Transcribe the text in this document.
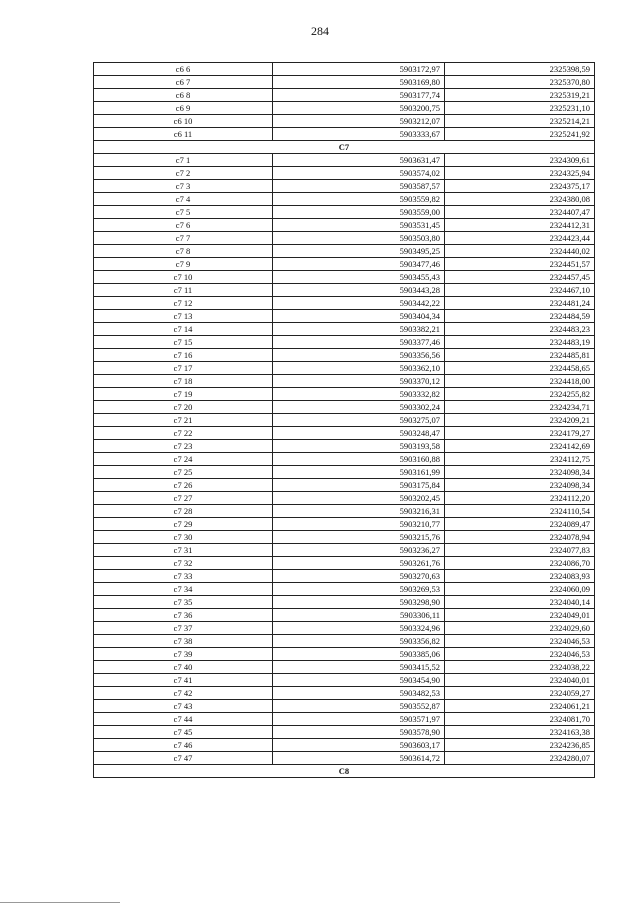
284
c6 6	5903172,97	2325398,59
c6 7	5903169,80	2325370,80
c6 8	5903177,74	2325319,21
c6 9	5903200,75	2325231,10
c6 10	5903212,07	2325214,21
c6 11	5903333,67	2325241,92
C7		
c7 1	5903631,47	2324309,61
c7 2	5903574,02	2324325,94
c7 3	5903587,57	2324375,17
c7 4	5903559,82	2324380,08
c7 5	5903559,00	2324407,47
c7 6	5903531,45	2324412,31
c7 7	5903503,80	2324423,44
c7 8	5903495,25	2324440,02
c7 9	5903477,46	2324451,57
c7 10	5903455,43	2324457,45
c7 11	5903443,28	2324467,10
c7 12	5903442,22	2324481,24
c7 13	5903404,34	2324484,59
c7 14	5903382,21	2324483,23
c7 15	5903377,46	2324483,19
c7 16	5903356,56	2324485,81
c7 17	5903362,10	2324458,65
c7 18	5903370,12	2324418,00
c7 19	5903332,82	2324255,82
c7 20	5903302,24	2324234,71
c7 21	5903275,07	2324209,21
c7 22	5903248,47	2324179,27
c7 23	5903193,58	2324142,69
c7 24	5903160,88	2324112,75
c7 25	5903161,99	2324098,34
c7 26	5903175,84	2324098,34
c7 27	5903202,45	2324112,20
c7 28	5903216,31	2324110,54
c7 29	5903210,77	2324089,47
c7 30	5903215,76	2324078,94
c7 31	5903236,27	2324077,83
c7 32	5903261,76	2324086,70
c7 33	5903270,63	2324083,93
c7 34	5903269,53	2324060,09
c7 35	5903298,90	2324040,14
c7 36	5903306,11	2324049,01
c7 37	5903324,96	2324029,60
c7 38	5903356,82	2324046,53
c7 39	5903385,06	2324046,53
c7 40	5903415,52	2324038,22
c7 41	5903454,90	2324040,01
c7 42	5903482,53	2324059,27
c7 43	5903552,87	2324061,21
c7 44	5903571,97	2324081,70
c7 45	5903578,90	2324163,38
c7 46	5903603,17	2324236,85
c7 47	5903614,72	2324280,07
C8		
